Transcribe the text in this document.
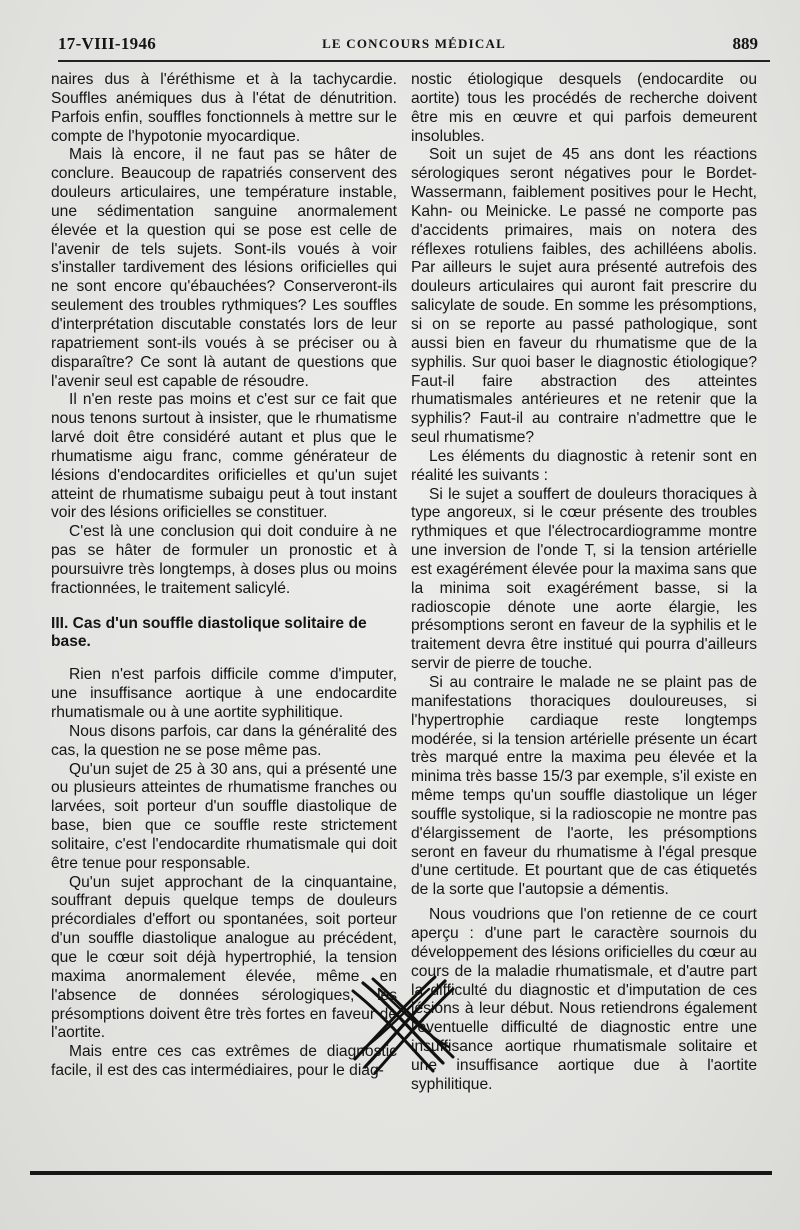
17-VIII-1946	LE CONCOURS MÉDICAL	889

naires dus à l'éréthisme et à la tachycardie. Souffles anémiques dus à l'état de dénutrition. Parfois enfin, souffles fonctionnels à mettre sur le compte de l'hypotonie myocardique.

Mais là encore, il ne faut pas se hâter de conclure. Beaucoup de rapatriés conservent des douleurs articulaires, une température instable, une sédimentation sanguine anormalement élevée et la question qui se pose est celle de l'avenir de tels sujets. Sont-ils voués à voir s'installer tardivement des lésions orificielles qui ne sont encore qu'ébauchées? Conserveront-ils seulement des troubles rythmiques? Les souffles d'interprétation discutable constatés lors de leur rapatriement sont-ils voués à se préciser ou à disparaître? Ce sont là autant de questions que l'avenir seul est capable de résoudre.

Il n'en reste pas moins et c'est sur ce fait que nous tenons surtout à insister, que le rhumatisme larvé doit être considéré autant et plus que le rhumatisme aigu franc, comme générateur de lésions d'endocardites orificielles et qu'un sujet atteint de rhumatisme subaigu peut à tout instant voir des lésions orificielles se constituer.

C'est là une conclusion qui doit conduire à ne pas se hâter de formuler un pronostic et à poursuivre très longtemps, à doses plus ou moins fractionnées, le traitement salicylé.

III. Cas d'un souffle diastolique solitaire de base.

Rien n'est parfois difficile comme d'imputer, une insuffisance aortique à une endocardite rhumatismale ou à une aortite syphilitique.

Nous disons parfois, car dans la généralité des cas, la question ne se pose même pas.

Qu'un sujet de 25 à 30 ans, qui a présenté une ou plusieurs atteintes de rhumatisme franches ou larvées, soit porteur d'un souffle diastolique de base, bien que ce souffle reste strictement solitaire, c'est l'endocardite rhumatismale qui doit être tenue pour responsable.

Qu'un sujet approchant de la cinquantaine, souffrant depuis quelque temps de douleurs précordiales d'effort ou spontanées, soit porteur d'un souffle diastolique analogue au précédent, que le cœur soit déjà hypertrophié, la tension maxima anormalement élevée, même en l'absence de données sérologiques, les présomptions doivent être très fortes en faveur de l'aortite.

Mais entre ces cas extrêmes de diagnostic facile, il est des cas intermédiaires, pour le diag-

nostic étiologique desquels (endocardite ou aortite) tous les procédés de recherche doivent être mis en œuvre et qui parfois demeurent insolubles.

Soit un sujet de 45 ans dont les réactions sérologiques seront négatives pour le Bordet-Wassermann, faiblement positives pour le Hecht, Kahn- ou Meinicke. Le passé ne comporte pas d'accidents primaires, mais on notera des réflexes rotuliens faibles, des achilléens abolis. Par ailleurs le sujet aura présenté autrefois des douleurs articulaires qui auront fait prescrire du salicylate de soude. En somme les présomptions, si on se reporte au passé pathologique, sont aussi bien en faveur du rhumatisme que de la syphilis. Sur quoi baser le diagnostic étiologique? Faut-il faire abstraction des atteintes rhumatismales antérieures et ne retenir que la syphilis? Faut-il au contraire n'admettre que le seul rhumatisme?

Les éléments du diagnostic à retenir sont en réalité les suivants :

Si le sujet a souffert de douleurs thoraciques à type angoreux, si le cœur présente des troubles rythmiques et que l'électrocardiogramme montre une inversion de l'onde T, si la tension artérielle est exagérément élevée pour la maxima sans que la minima soit exagérément basse, si la radioscopie dénote une aorte élargie, les présomptions seront en faveur de la syphilis et le traitement devra être institué qui pourra d'ailleurs servir de pierre de touche.

Si au contraire le malade ne se plaint pas de manifestations thoraciques douloureuses, si l'hypertrophie cardiaque reste longtemps modérée, si la tension artérielle présente un écart très marqué entre la maxima peu élevée et la minima très basse 15/3 par exemple, s'il existe en même temps qu'un souffle diastolique un léger souffle systolique, si la radioscopie ne montre pas d'élargissement de l'aorte, les présomptions seront en faveur du rhumatisme à l'égal presque d'une certitude. Et pourtant que de cas étiquetés de la sorte que l'autopsie a démentis.

Nous voudrions que l'on retienne de ce court aperçu : d'une part le caractère sournois du développement des lésions orificielles du cœur au cours de la maladie rhumatismale, et d'autre part la difficulté du diagnostic et d'imputation de ces lésions à leur début. Nous retiendrons également l'éventuelle difficulté de diagnostic entre une insuffisance aortique rhumatismale solitaire et une insuffisance aortique due à l'aortite syphilitique.
